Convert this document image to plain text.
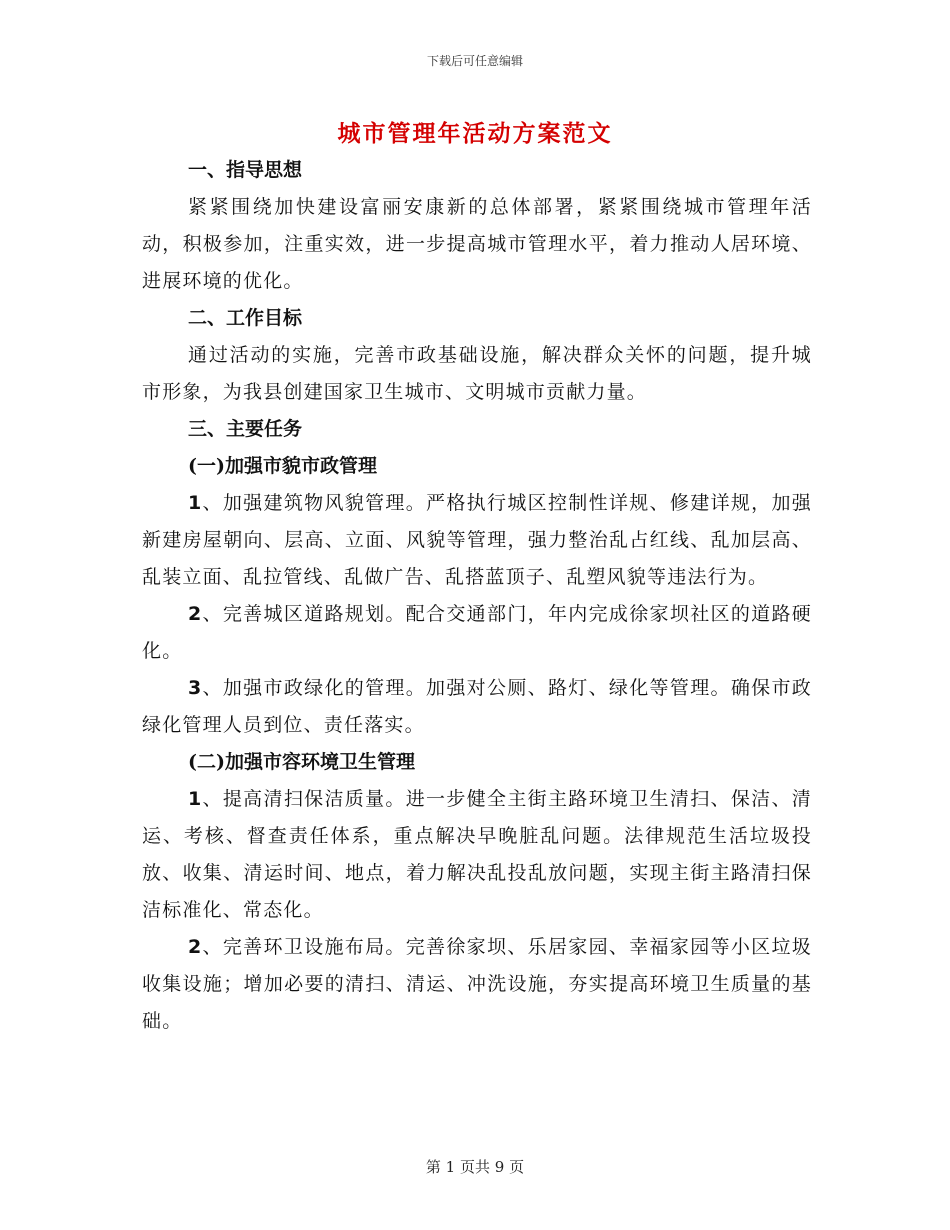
下载后可任意编辑
城市管理年活动方案范文

一、指导思想

紧紧围绕加快建设富丽安康新的总体部署，紧紧围绕城市管理年活动，积极参加，注重实效，进一步提高城市管理水平，着力推动人居环境、进展环境的优化。

二、工作目标

通过活动的实施，完善市政基础设施，解决群众关怀的问题，提升城市形象，为我县创建国家卫生城市、文明城市贡献力量。

三、主要任务

(一)加强市貌市政管理

1、加强建筑物风貌管理。严格执行城区控制性详规、修建详规，加强新建房屋朝向、层高、立面、风貌等管理，强力整治乱占红线、乱加层高、乱装立面、乱拉管线、乱做广告、乱搭蓝顶子、乱塑风貌等违法行为。

2、完善城区道路规划。配合交通部门，年内完成徐家坝社区的道路硬化。

3、加强市政绿化的管理。加强对公厕、路灯、绿化等管理。确保市政绿化管理人员到位、责任落实。

(二)加强市容环境卫生管理

1、提高清扫保洁质量。进一步健全主街主路环境卫生清扫、保洁、清运、考核、督查责任体系，重点解决早晚脏乱问题。法律规范生活垃圾投放、收集、清运时间、地点，着力解决乱投乱放问题，实现主街主路清扫保洁标准化、常态化。

2、完善环卫设施布局。完善徐家坝、乐居家园、幸福家园等小区垃圾收集设施；增加必要的清扫、清运、冲洗设施，夯实提高环境卫生质量的基础。

第 1 页共 9 页
